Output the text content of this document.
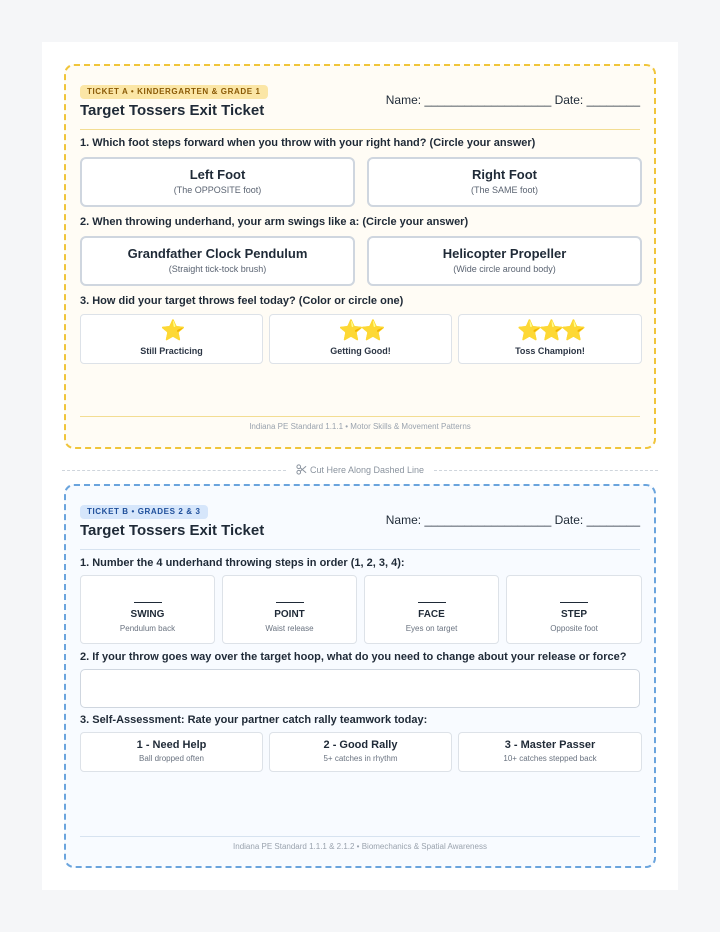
TICKET A • KINDERGARTEN & GRADE 1
Target Tossers Exit Ticket
Name: ___________________ Date: ________
1. Which foot steps forward when you throw with your right hand? (Circle your answer)
Left Foot
(The OPPOSITE foot)
Right Foot
(The SAME foot)
2. When throwing underhand, your arm swings like a: (Circle your answer)
Grandfather Clock Pendulum
(Straight tick-tock brush)
Helicopter Propeller
(Wide circle around body)
3. How did your target throws feel today? (Color or circle one)
⭐
Still Practicing
⭐⭐
Getting Good!
⭐⭐⭐
Toss Champion!
Indiana PE Standard 1.1.1 • Motor Skills & Movement Patterns
Cut Here Along Dashed Line
TICKET B • GRADES 2 & 3
Target Tossers Exit Ticket
Name: ___________________ Date: ________
1. Number the 4 underhand throwing steps in order (1, 2, 3, 4):
SWING
Pendulum back
POINT
Waist release
FACE
Eyes on target
STEP
Opposite foot
2. If your throw goes way over the target hoop, what do you need to change about your release or force?
3. Self-Assessment: Rate your partner catch rally teamwork today:
1 - Need Help
Ball dropped often
2 - Good Rally
5+ catches in rhythm
3 - Master Passer
10+ catches stepped back
Indiana PE Standard 1.1.1 & 2.1.2 • Biomechanics & Spatial Awareness
